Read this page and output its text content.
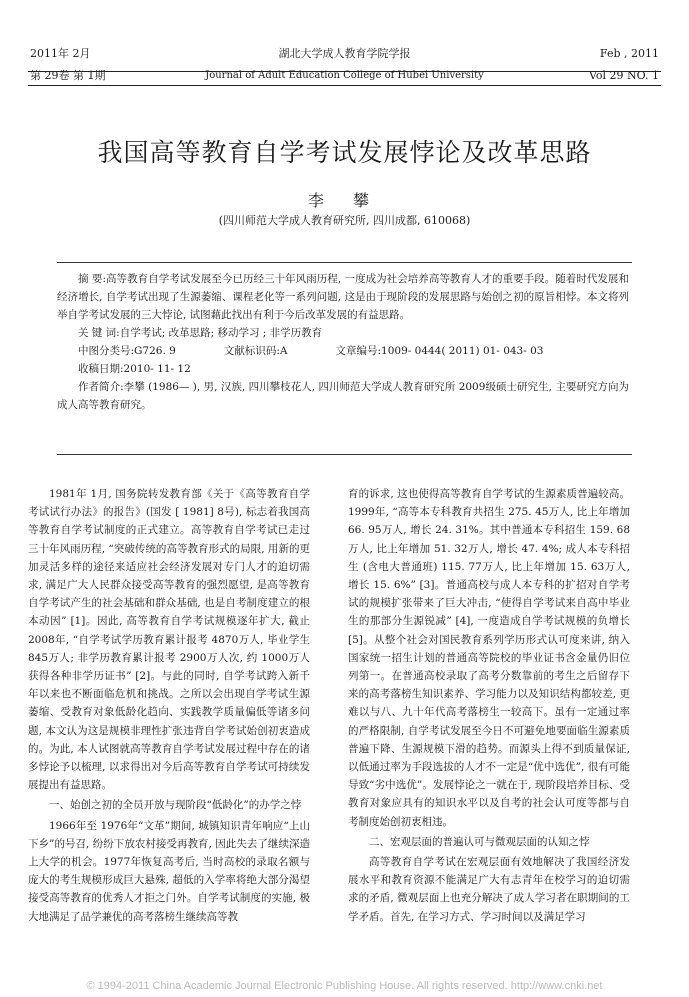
2011年 2月
第 29卷 第 1期
湖北大学成人教育学院学报
Journal of Adult Education College of Hubei University
Feb , 2011
Vol 29 NO. 1
我国高等教育自学考试发展悖论及改革思路
李 攀
(四川师范大学成人教育研究所, 四川成都, 610068)

摘 要:高等教育自学考试发展至今已历经三十年风雨历程, 一度成为社会培养高等教育人才的重要手段。随着时代发展和经济增长, 自学考试出现了生源萎缩、课程老化等一系列问题, 这是由于现阶段的发展思路与始创之初的原旨相悖。本文将列举自学考试发展的三大悖论, 试图藉此找出有利于今后改革发展的有益思路。

关 键 词:自学考试; 改革思路; 移动学习 ; 非学历教育

中图分类号:G726. 9	文献标识码:A	文章编号:1009- 0444( 2011) 01- 043- 03

收稿日期:2010- 11- 12

作者简介:李攀 (1986— ), 男, 汉族, 四川攀枝花人, 四川师范大学成人教育研究所 2009级硕士研究生, 主要研究方向为成人高等教育研究。

1981年 1月, 国务院转发教育部《关于《高等教育自学考试试行办法》的报告》(国发 [ 1981] 8号), 标志着我国高等教育自学考试制度的正式建立。高等教育自学考试已走过三十年风雨历程, “突破传统的高等教育形式的局限, 用新的更加灵活多样的途径来适应社会经济发展对专门人才的迫切需求, 满足广大人民群众接受高等教育的强烈愿望, 是高等教育自学考试产生的社会基础和群众基础, 也是自考制度建立的根本动因” [1]。因此, 高等教育自学考试规模逐年扩大, 截止 2008年, “自学考试学历教育累计报考 4870万人, 毕业学生 845万人; 非学历教育累计报考 2900万人次, 约 1000万人获得各种非学历证书” [2]。与此的同时, 自学考试跨入新千年以来也不断面临危机和挑战。之所以会出现自学考试生源萎缩、受教育对象低龄化趋向、实践教学质量偏低等诸多问题, 本文认为这是规模非理性扩张违背自学考试始创初衷造成的。为此, 本人试图就高等教育自学考试发展过程中存在的诸多悖论予以梳理, 以求得出对今后高等教育自学考试可持续发展提出有益思路。

一、始创之初的全员开放与现阶段“低龄化”的办学之悖

1966年至 1976年“文革”期间, 城镇知识青年响应“上山下乡”的号召, 纷纷下放农村接受再教育, 因此失去了继续深造上大学的机会。1977年恢复高考后, 当时高校的录取名额与庞大的考生规模形成巨大悬殊, 超低的入学率将绝大部分渴望接受高等教育的优秀人才拒之门外。自学考试制度的实施, 极大地满足了品学兼优的高考落榜生继续高等教

育的诉求, 这也使得高等教育自学考试的生源素质普遍较高。1999年, “高等本专科教育共招生 275. 45万人, 比上年增加 66. 95万人, 增长 24. 31%。其中普通本专科招生 159. 68万人, 比上年增加 51. 32万人, 增长 47. 4%; 成人本专科招生 (含电大普通班) 115. 77万人, 比上年增加 15. 63万人, 增长 15. 6%” [3]。普通高校与成人本专科的扩招对自学考试的规模扩张带来了巨大冲击, “使得自学考试来自高中毕业生的那部分生源锐减” [4], 一度造成自学考试规模的负增长 [5]。从整个社会对国民教育系列学历形式认可度来讲, 纳入国家统一招生计划的普通高等院校的毕业证书含金量仍旧位列第一。在普通高校录取了高考分数靠前的考生之后留存下来的高考落榜生知识素养、学习能力以及知识结构都较差, 更难以与八、九十年代高考落榜生一较高下。虽有一定通过率的严格限制, 自学考试发展至今日不可避免地要面临生源素质普遍下降、生源规模下滑的趋势。而源头上得不到质量保证, 以低通过率为手段选拔的人才不一定是“优中选优”, 很有可能导致“劣中选优”。发展悖论之一就在于, 现阶段培养目标、受教育对象应具有的知识水平以及自考的社会认可度等都与自考制度始创初衷相违。

二、宏观层面的普遍认可与微观层面的认知之悖

高等教育自学考试在宏观层面有效地解决了我国经济发展水平和教育资源不能满足广大有志青年在校学习的迫切需求的矛盾, 微观层面上也充分解决了成人学习者在职期间的工学矛盾。首先, 在学习方式、学习时间以及满足学习

© 1994-2011 China Academic Journal Electronic Publishing House. All rights reserved. http://www.cnki.net
